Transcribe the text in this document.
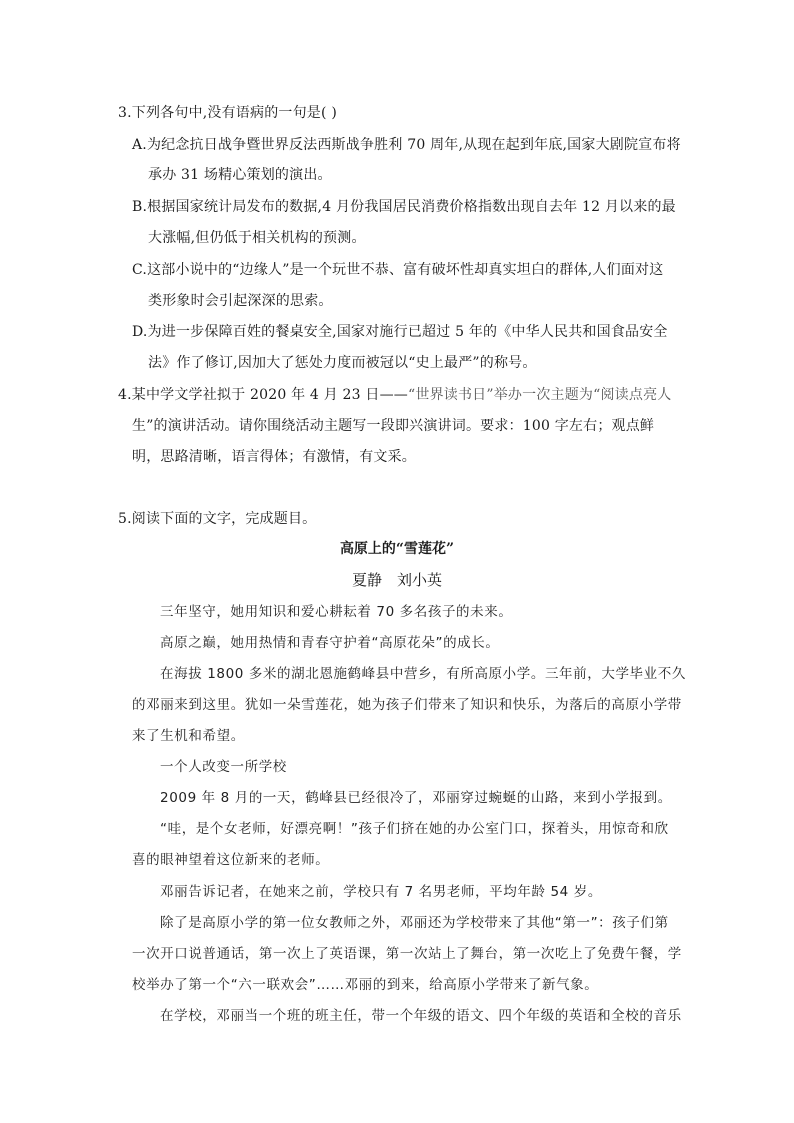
3.下列各句中,没有语病的一句是( )
A.为纪念抗日战争暨世界反法西斯战争胜利 70 周年,从现在起到年底,国家大剧院宣布将
承办 31 场精心策划的演出。
B.根据国家统计局发布的数据,4 月份我国居民消费价格指数出现自去年 12 月以来的最
大涨幅,但仍低于相关机构的预测。
C.这部小说中的“边缘人”是一个玩世不恭、富有破坏性却真实坦白的群体,人们面对这
类形象时会引起深深的思索。
D.为进一步保障百姓的餐桌安全,国家对施行已超过 5 年的《中华人民共和国食品安全
法》作了修订,因加大了惩处力度而被冠以“史上最严”的称号。
4.某中学文学社拟于 2020 年 4 月 23 日——“世界读书日”举办一次主题为“阅读点亮人
生”的演讲活动。请你围绕活动主题写一段即兴演讲词。要求：100 字左右；观点鲜
明，思路清晰，语言得体；有激情，有文采。
5.阅读下面的文字，完成题目。
高原上的“雪莲花”
夏静　刘小英
三年坚守，她用知识和爱心耕耘着 70 多名孩子的未来。
高原之巅，她用热情和青春守护着“高原花朵”的成长。
在海拔 1800 多米的湖北恩施鹤峰县中营乡，有所高原小学。三年前，大学毕业不久
的邓丽来到这里。犹如一朵雪莲花，她为孩子们带来了知识和快乐，为落后的高原小学带
来了生机和希望。
一个人改变一所学校
2009 年 8 月的一天，鹤峰县已经很冷了，邓丽穿过蜿蜒的山路，来到小学报到。
“哇，是个女老师，好漂亮啊！”孩子们挤在她的办公室门口，探着头，用惊奇和欣
喜的眼神望着这位新来的老师。
邓丽告诉记者，在她来之前，学校只有 7 名男老师，平均年龄 54 岁。
除了是高原小学的第一位女教师之外，邓丽还为学校带来了其他“第一”：孩子们第
一次开口说普通话，第一次上了英语课，第一次站上了舞台，第一次吃上了免费午餐，学
校举办了第一个“六一联欢会”……邓丽的到来，给高原小学带来了新气象。
在学校，邓丽当一个班的班主任，带一个年级的语文、四个年级的英语和全校的音乐
